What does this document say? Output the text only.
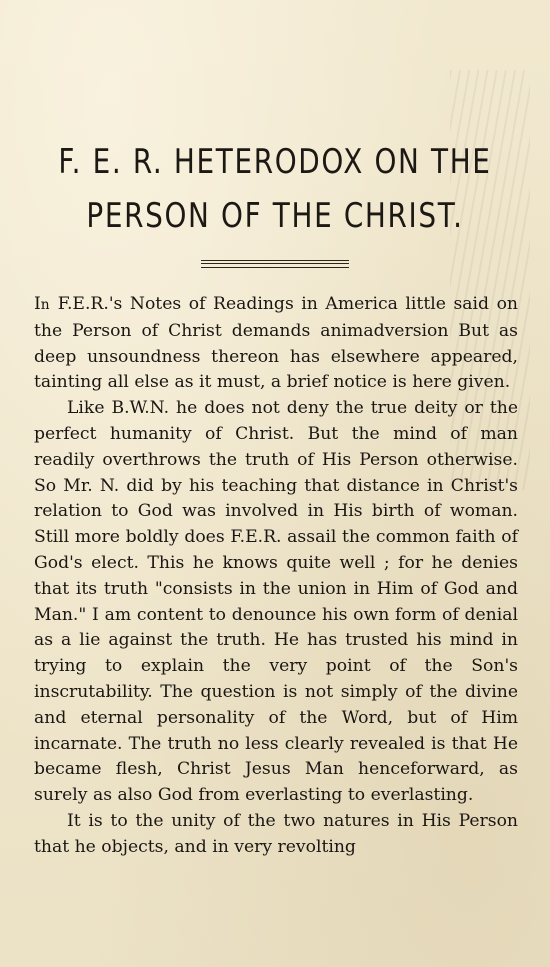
F. E. R. HETERODOX ON THE
PERSON OF THE CHRIST.

In F.E.R.'s Notes of Readings in America little said on the Person of Christ demands animadversion But as deep unsoundness thereon has elsewhere appeared, tainting all else as it must, a brief notice is here given.

Like B.W.N. he does not deny the true deity or the perfect humanity of Christ. But the mind of man readily overthrows the truth of His Person otherwise. So Mr. N. did by his teaching that distance in Christ's relation to God was involved in His birth of woman. Still more boldly does F.E.R. assail the common faith of God's elect. This he knows quite well ; for he denies that its truth "consists in the union in Him of God and Man." I am content to denounce his own form of denial as a lie against the truth. He has trusted his mind in trying to explain the very point of the Son's inscrutability. The question is not simply of the divine and eternal personality of the Word, but of Him incarnate. The truth no less clearly revealed is that He became flesh, Christ Jesus Man henceforward, as surely as also God from everlasting to everlasting.

It is to the unity of the two natures in His Person that he objects, and in very revolting
